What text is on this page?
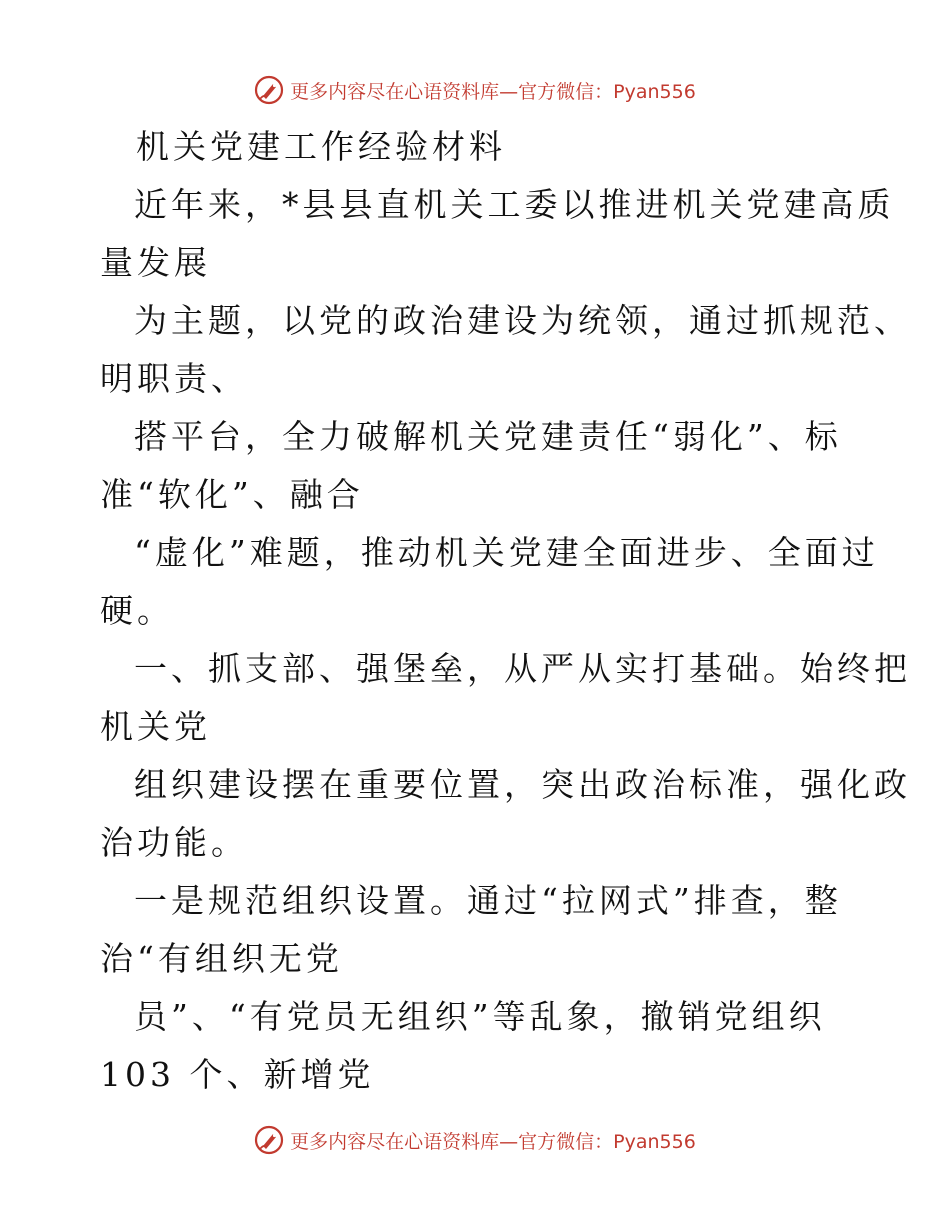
更多内容尽在心语资料库—官方微信：Pyan556
机关党建工作经验材料
近年来，*县县直机关工委以推进机关党建高质
量发展
为主题，以党的政治建设为统领，通过抓规范、
明职责、
搭平台，全力破解机关党建责任“弱化”、标
准“软化”、融合
“虚化”难题，推动机关党建全面进步、全面过
硬。
一、抓支部、强堡垒，从严从实打基础。始终把
机关党
组织建设摆在重要位置，突出政治标准，强化政
治功能。
一是规范组织设置。通过“拉网式”排查，整
治“有组织无党
员”、“有党员无组织”等乱象，撤销党组织
103 个、新增党
更多内容尽在心语资料库—官方微信：Pyan556
